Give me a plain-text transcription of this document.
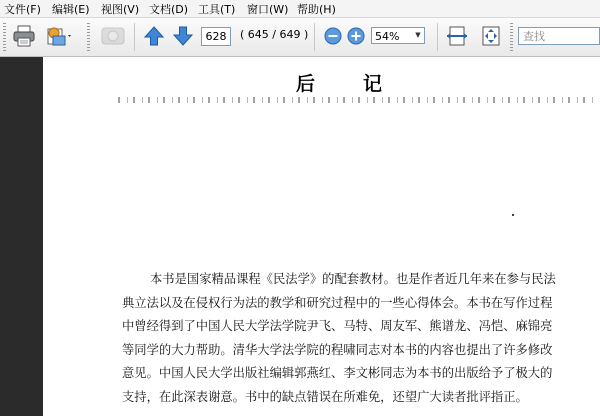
文件(F) 编辑(E) 视图(V) 文档(D) 工具(T) 窗口(W) 帮助(H)
628	( 645 / 649 )	54%	▼	查找
后记
本书是国家精品课程《民法学》的配套教材。也是作者近几年来在参与民法
典立法以及在侵权行为法的教学和研究过程中的一些心得体会。本书在写作过程
中曾经得到了中国人民大学法学院尹飞、马特、周友军、熊谱龙、冯恺、麻锦亮
等同学的大力帮助。清华大学法学院的程啸同志对本书的内容也提出了许多修改
意见。中国人民大学出版社编辑郭燕红、李文彬同志为本书的出版给予了极大的
支持，在此深表谢意。书中的缺点错误在所难免，还望广大读者批评指正。
